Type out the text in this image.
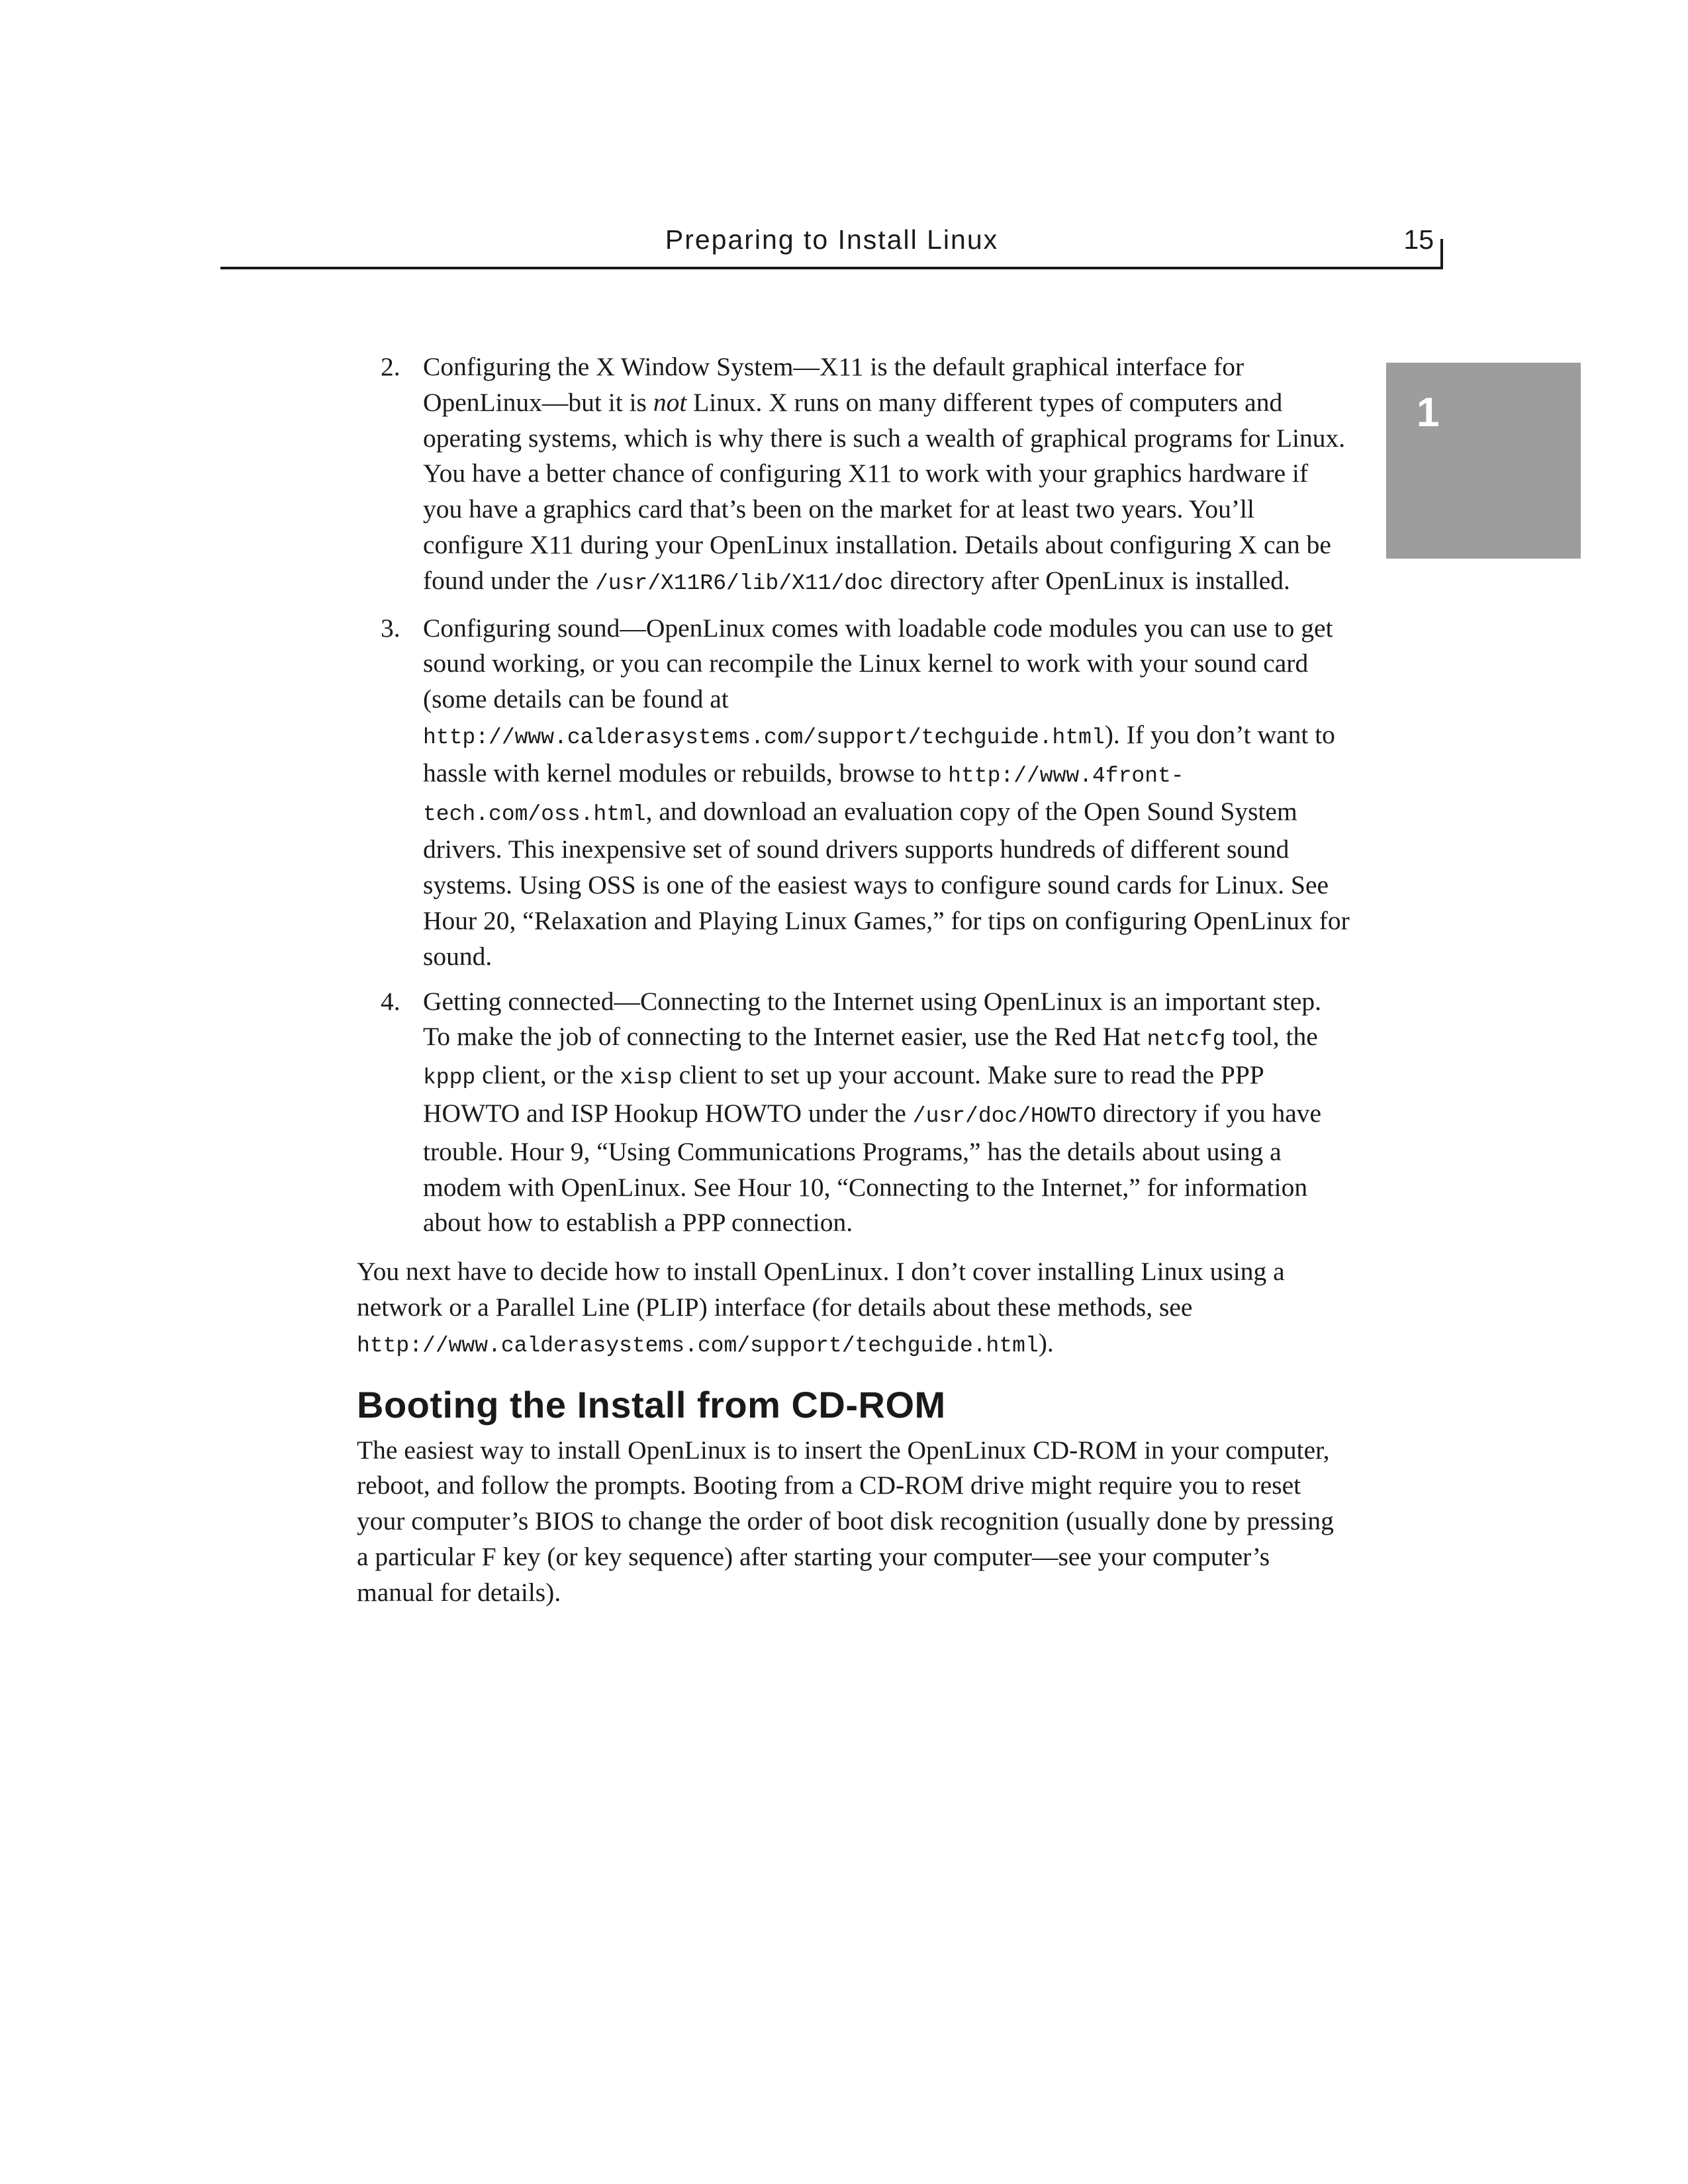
Preparing to Install Linux	15
1
2. Configuring the X Window System—X11 is the default graphical interface for OpenLinux—but it is not Linux. X runs on many different types of computers and operating systems, which is why there is such a wealth of graphical programs for Linux. You have a better chance of configuring X11 to work with your graphics hardware if you have a graphics card that’s been on the market for at least two years. You’ll configure X11 during your OpenLinux installation. Details about configuring X can be found under the /usr/X11R6/lib/X11/doc directory after OpenLinux is installed.
3. Configuring sound—OpenLinux comes with loadable code modules you can use to get sound working, or you can recompile the Linux kernel to work with your sound card (some details can be found at http://www.calderasystems.com/support/techguide.html). If you don’t want to hassle with kernel modules or rebuilds, browse to http://www.4front-tech.com/oss.html, and download an evaluation copy of the Open Sound System drivers. This inexpensive set of sound drivers supports hundreds of different sound systems. Using OSS is one of the easiest ways to configure sound cards for Linux. See Hour 20, “Relaxation and Playing Linux Games,” for tips on configuring OpenLinux for sound.
4. Getting connected—Connecting to the Internet using OpenLinux is an important step. To make the job of connecting to the Internet easier, use the Red Hat netcfg tool, the kppp client, or the xisp client to set up your account. Make sure to read the PPP HOWTO and ISP Hookup HOWTO under the /usr/doc/HOWTO directory if you have trouble. Hour 9, “Using Communications Programs,” has the details about using a modem with OpenLinux. See Hour 10, “Connecting to the Internet,” for information about how to establish a PPP connection.

You next have to decide how to install OpenLinux. I don’t cover installing Linux using a network or a Parallel Line (PLIP) interface (for details about these methods, see http://www.calderasystems.com/support/techguide.html).

Booting the Install from CD-ROM

The easiest way to install OpenLinux is to insert the OpenLinux CD-ROM in your computer, reboot, and follow the prompts. Booting from a CD-ROM drive might require you to reset your computer’s BIOS to change the order of boot disk recognition (usually done by pressing a particular F key (or key sequence) after starting your computer—see your computer’s manual for details).
